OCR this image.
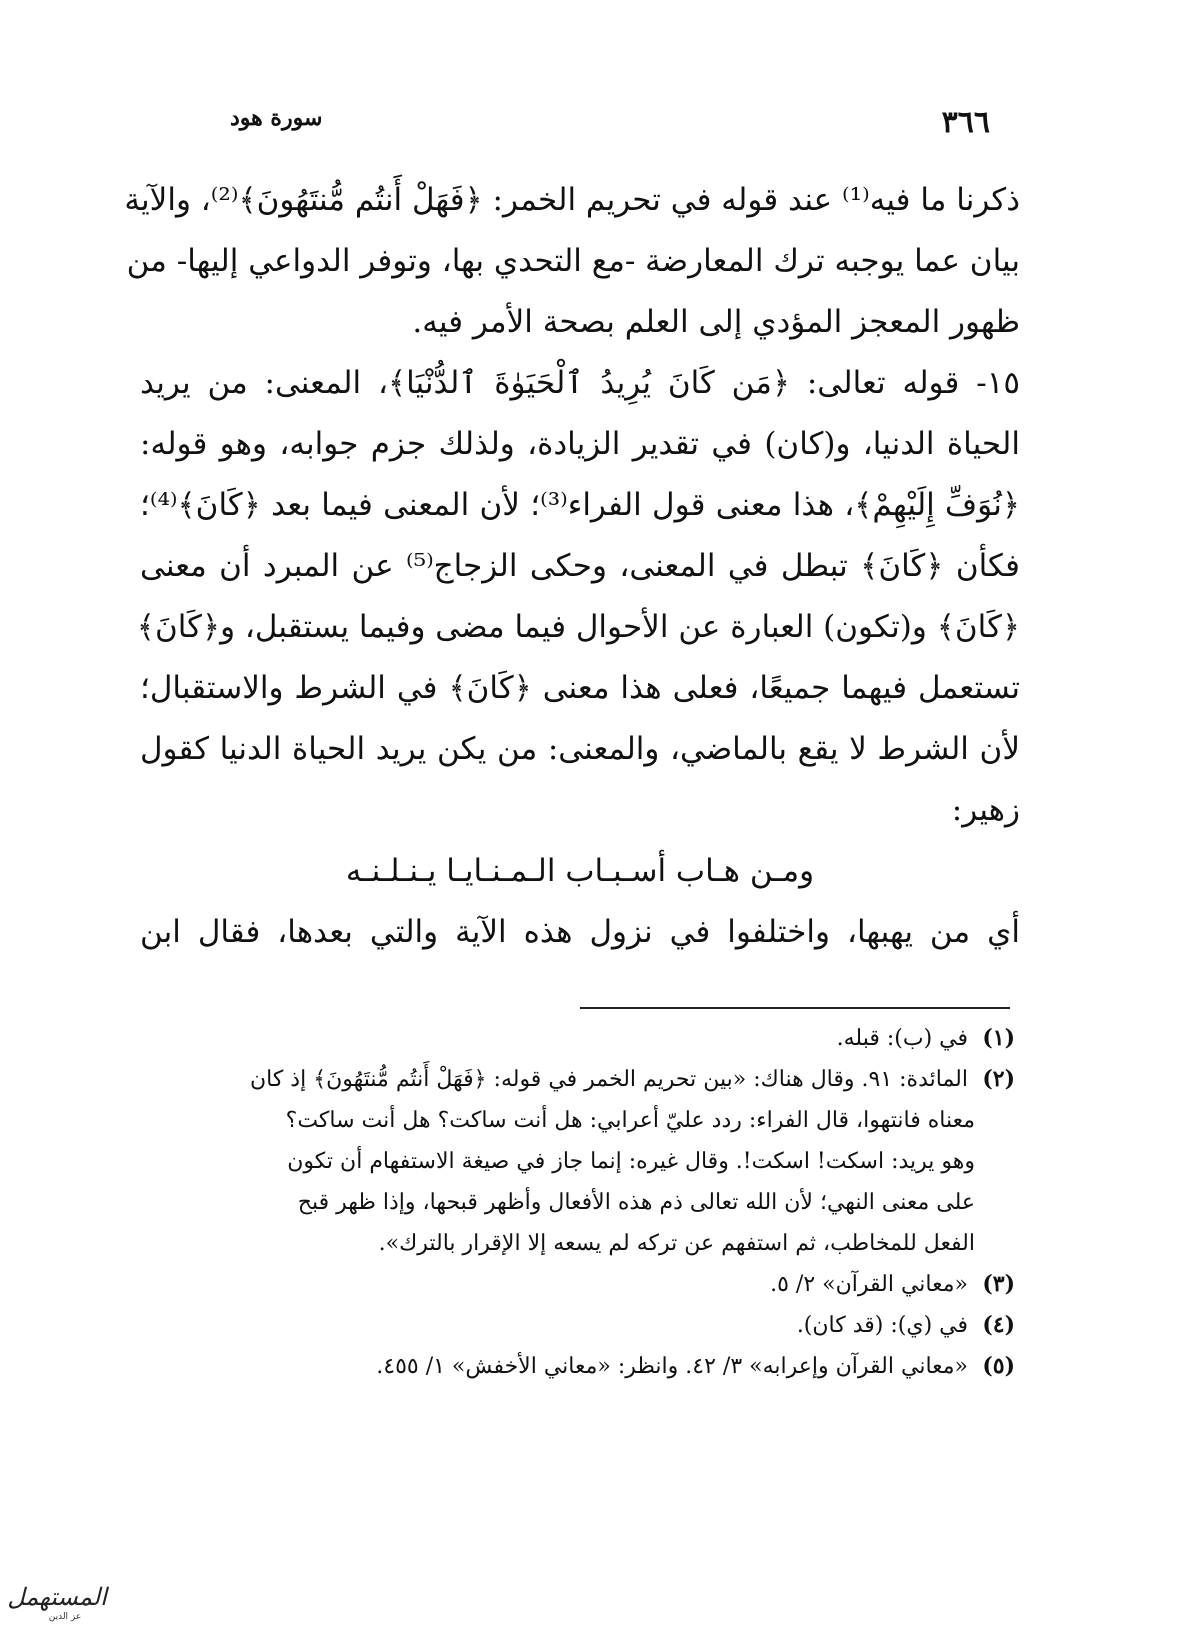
٣٦٦
سورة هود
ذكرنا ما فيه⁽¹⁾ عند قوله في تحريم الخمر: ﴿فَهَلْ أَنتُم مُّنتَهُونَ﴾⁽²⁾، والآية
بيان عما يوجبه ترك المعارضة -مع التحدي بها، وتوفر الدواعي إليها- من
ظهور المعجز المؤدي إلى العلم بصحة الأمر فيه.
١٥- قوله تعالى: ﴿مَن كَانَ يُرِيدُ ٱلْحَيَوٰةَ ٱلدُّنْيَا﴾، المعنى: من يريد
الحياة الدنيا، و(كان) في تقدير الزيادة، ولذلك جزم جوابه، وهو قوله:
﴿نُوَفِّ إِلَيْهِمْ﴾، هذا معنى قول الفراء⁽³⁾؛ لأن المعنى فيما بعد ﴿كَانَ﴾⁽⁴⁾؛
فكأن ﴿كَانَ﴾ تبطل في المعنى، وحكى الزجاج⁽⁵⁾ عن المبرد أن معنى
﴿كَانَ﴾ و(تكون) العبارة عن الأحوال فيما مضى وفيما يستقبل، و﴿كَانَ﴾
تستعمل فيهما جميعًا، فعلى هذا معنى ﴿كَانَ﴾ في الشرط والاستقبال؛
لأن الشرط لا يقع بالماضي، والمعنى: من يكن يريد الحياة الدنيا كقول
زهير:
ومـن هـاب أسـبـاب الـمـنـايـا يـنـلـنـه
أي من يهبها، واختلفوا في نزول هذه الآية والتي بعدها، فقال ابن

(١) في (ب): قبله.

(٢) المائدة: ٩١. وقال هناك: «بين تحريم الخمر في قوله: ﴿فَهَلْ أَنتُم مُّنتَهُونَ﴾ إذ كان
معناه فانتهوا، قال الفراء: ردد عليّ أعرابي: هل أنت ساكت؟ هل أنت ساكت؟
وهو يريد: اسكت! اسكت!. وقال غيره: إنما جاز في صيغة الاستفهام أن تكون
على معنى النهي؛ لأن الله تعالى ذم هذه الأفعال وأظهر قبحها، وإذا ظهر قبح
الفعل للمخاطب، ثم استفهم عن تركه لم يسعه إلا الإقرار بالترك».

(٣) «معاني القرآن» ٢/ ٥.

(٤) في (ي): (قد كان).

(٥) «معاني القرآن وإعرابه» ٣/ ٤٢. وانظر: «معاني الأخفش» ١/ ٤٥٥.

المستهمل
عز الدين
